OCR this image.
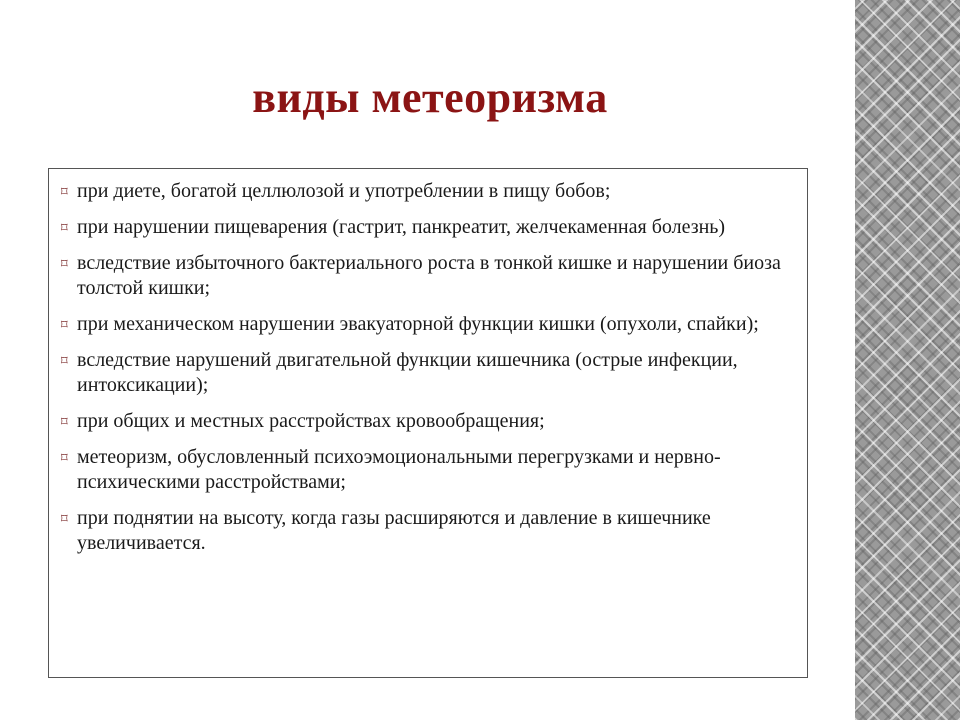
виды метеоризма
⌑ при диете, богатой целлюлозой и употреблении в пищу бобов;
⌑ при нарушении пищеварения (гастрит, панкреатит, желчекаменная болезнь)
⌑ вследствие избыточного бактериального роста в тонкой кишке и нарушении биоза толстой кишки;
⌑ при механическом нарушении эвакуаторной функции кишки (опухоли, спайки);
⌑ вследствие нарушений двигательной функции кишечника (острые инфекции, интоксикации);
⌑ при общих и местных расстройствах кровообращения;
⌑ метеоризм, обусловленный психоэмоциональными перегрузками и нервно-психическими расстройствами;
⌑ при поднятии на высоту, когда газы расширяются и давление в кишечнике увеличивается.
